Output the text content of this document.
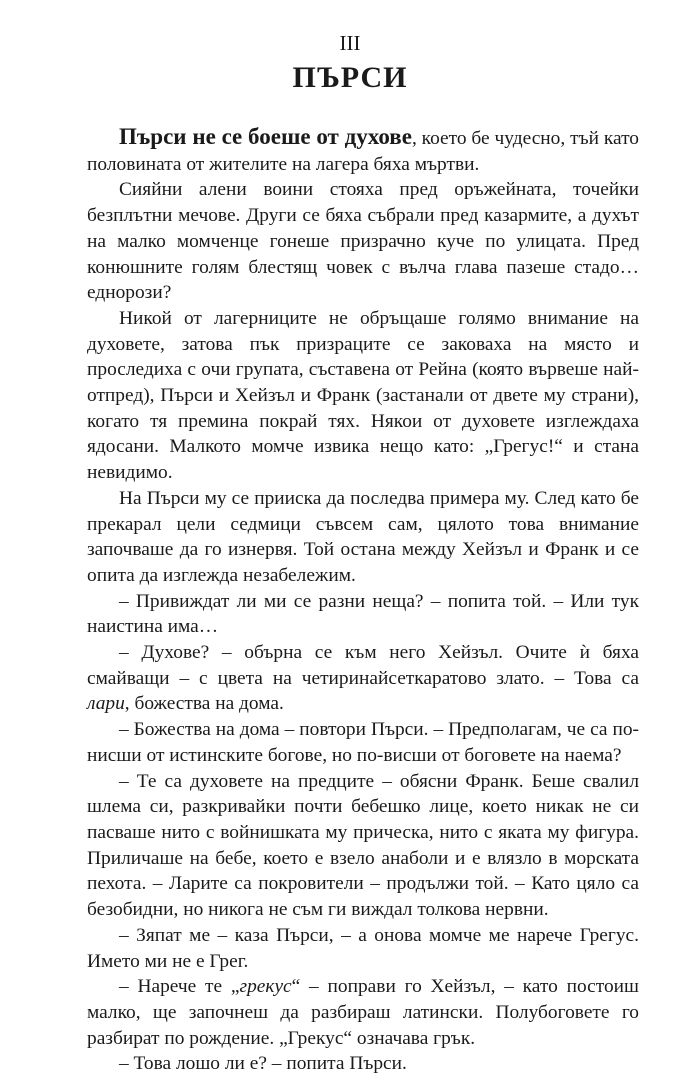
III
ПЪРСИ

Пърси не се боеше от духове, което бе чудесно, тъй като половината от жителите на лагера бяха мъртви.

Сияйни алени воини стояха пред оръжейната, точейки безплътни мечове. Други се бяха събрали пред казармите, а духът на малко момченце гонеше призрачно куче по улицата. Пред конюшните голям блестящ човек с вълча глава пазеше стадо… еднорози?

Никой от лагерниците не обръщаше голямо внимание на духовете, затова пък призраците се заковаха на място и проследиха с очи групата, съставена от Рейна (която вървеше най-отпред), Пърси и Хейзъл и Франк (застанали от двете му страни), когато тя премина покрай тях. Някои от духовете изглеждаха ядосани. Малкото момче извика нещо като: „Грегус!“ и стана невидимо.

На Пърси му се прииска да последва примера му. След като бе прекарал цели седмици съвсем сам, цялото това внимание започваше да го изнервя. Той остана между Хейзъл и Франк и се опита да изглежда незабележим.

– Привиждат ли ми се разни неща? – попита той. – Или тук наистина има…

– Духове? – обърна се към него Хейзъл. Очите ѝ бяха смайващи – с цвета на четиринайсеткаратово злато. – Това са лари, божества на дома.

– Божества на дома – повтори Пърси. – Предполагам, че са по-нисши от истинските богове, но по-висши от боговете на наема?

– Те са духовете на предците – обясни Франк. Беше свалил шлема си, разкривайки почти бебешко лице, което никак не си пасваше нито с войнишката му прическа, нито с яката му фигура. Приличаше на бебе, което е взело анаболи и е влязло в морската пехота. – Ларите са покровители – продължи той. – Като цяло са безобидни, но никога не съм ги виждал толкова нервни.

– Зяпат ме – каза Пърси, – а онова момче ме нарече Грегус. Името ми не е Грег.

– Нарече те „грекус“ – поправи го Хейзъл, – като постоиш малко, ще започнеш да разбираш латински. Полубоговете го разбират по рождение. „Грекус“ означава грък.

– Това лошо ли е? – попита Пърси.
